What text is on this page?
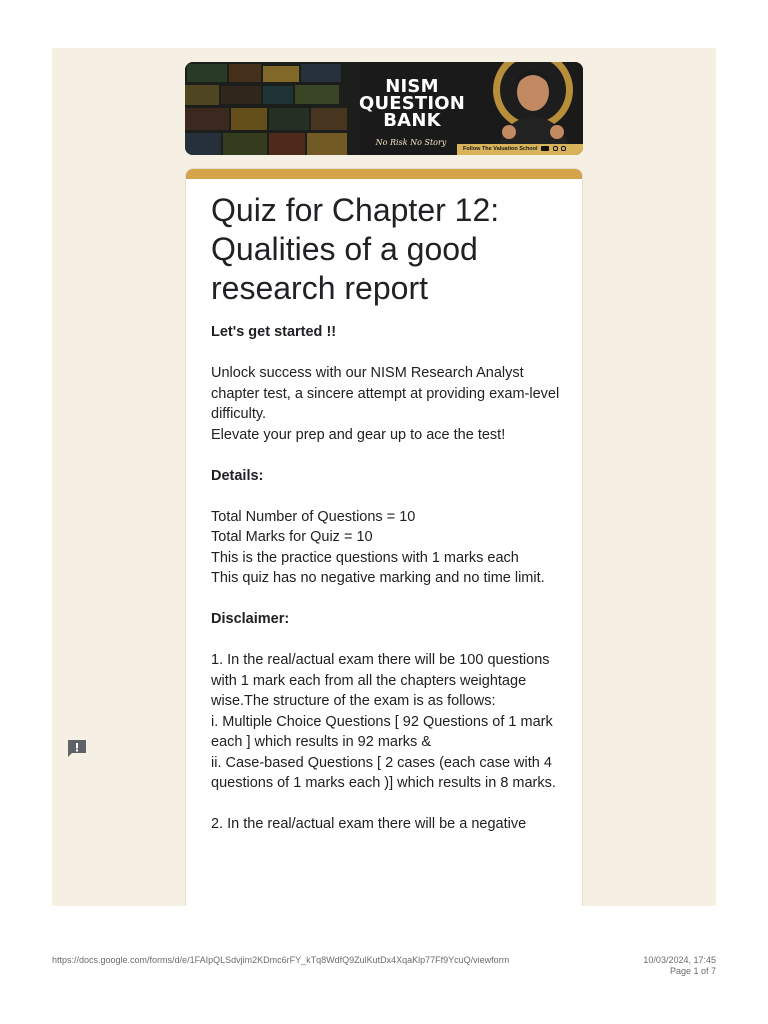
NISM
QUESTION
BANK
No Risk No Story
Follow The Valuation School
Quiz for Chapter 12: Qualities of a good research report

Let's get started !!

Unlock success with our NISM Research Analyst chapter test, a sincere attempt at providing exam-level difficulty.
Elevate your prep and gear up to ace the test!

Details:

Total Number of Questions = 10
Total Marks for Quiz = 10
This is the practice questions with 1 marks each
This quiz has no negative marking and no time limit.

Disclaimer:

1. In the real/actual exam there will be 100 questions with 1 mark each from all the chapters weightage wise.The structure of the exam is as follows:
i. Multiple Choice Questions [ 92 Questions of 1 mark each ] which results in 92 marks &
ii. Case-based Questions [ 2 cases (each case with 4 questions of 1 marks each )] which results in 8 marks.

2. In the real/actual exam there will be a negative

https://docs.google.com/forms/d/e/1FAIpQLSdvjim2KDmc6rFY_kTq8WdfQ9ZulKutDx4XqaKlp77Ff9YcuQ/viewform	10/03/2024, 17:45
Page 1 of 7
